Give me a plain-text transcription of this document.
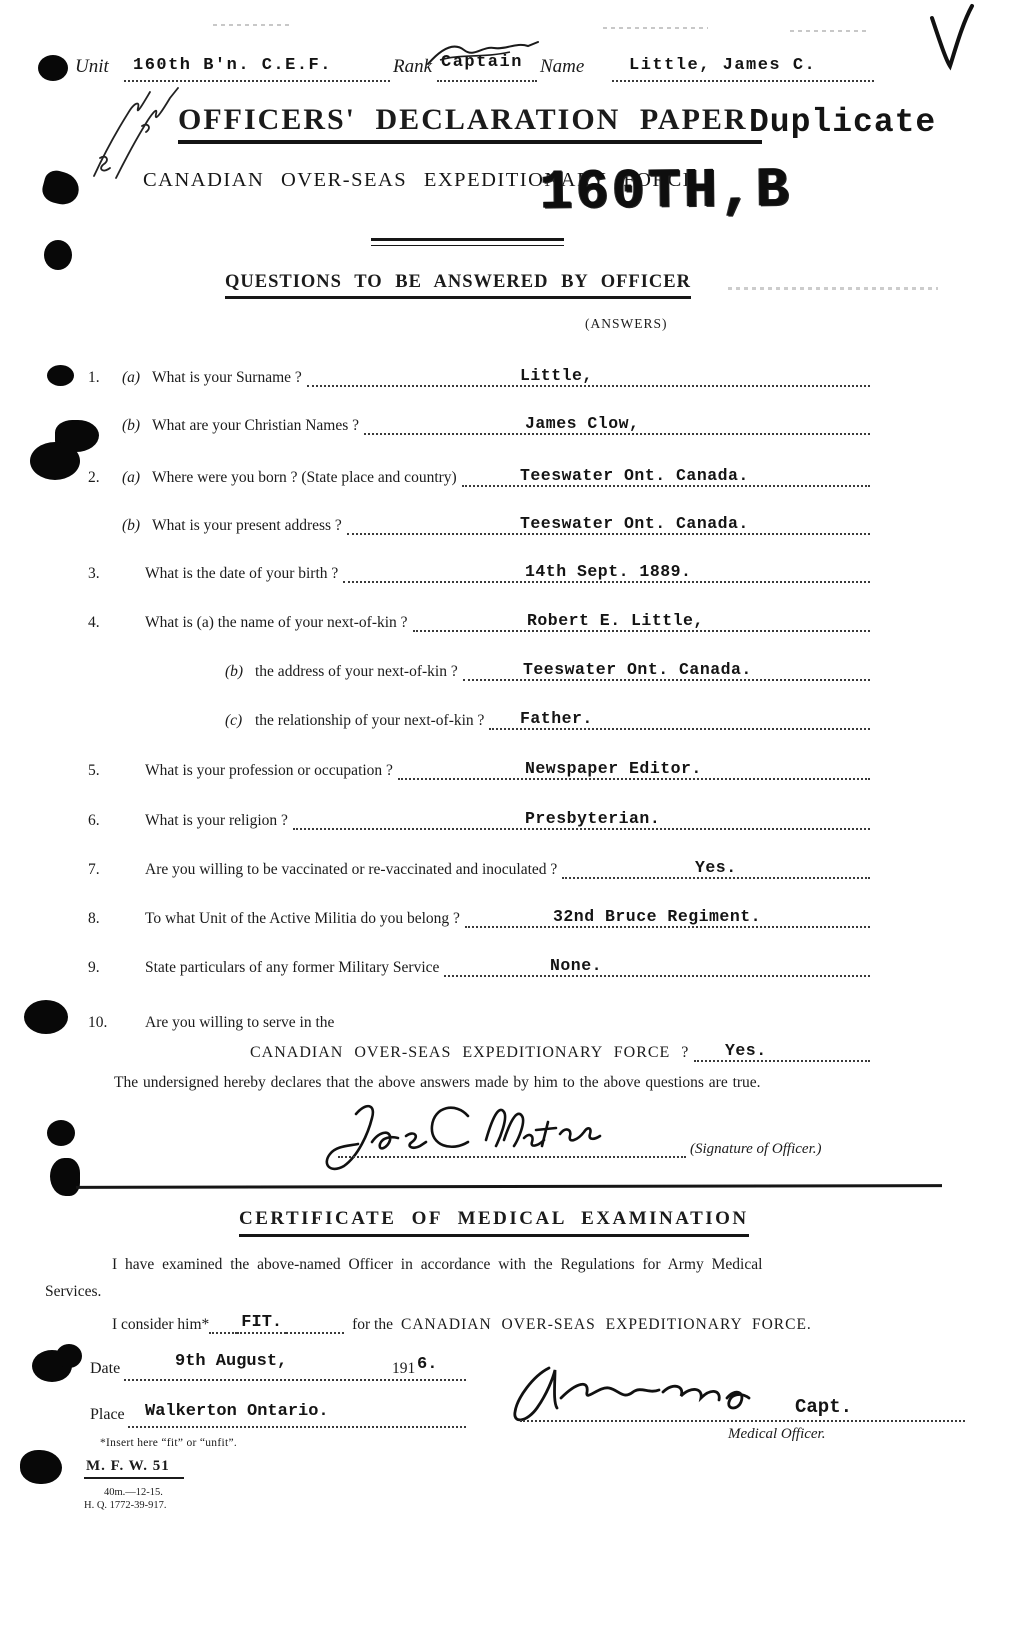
Unit 160th B'n. C.E.F.	Rank Captain Name	Little, James C.
OFFICERS' DECLARATION PAPER Duplicate
CANADIAN OVER-SEAS EXPEDITIONARY FORCE
160TH,B
QUESTIONS TO BE ANSWERED BY OFFICER
(ANSWERS)
1.	(a) What is your Surname ?	Little,
(b) What are your Christian Names ?	James Clow,
2.	(a) Where were you born ? (State place and country)	Teeswater Ont. Canada.
(b) What is your present address ?	Teeswater Ont. Canada.
3.	What is the date of your birth ?	14th Sept. 1889.
4.	What is (a) the name of your next-of-kin ?	Robert E. Little,
(b) the address of your next-of-kin ?	Teeswater Ont. Canada.
(c) the relationship of your next-of-kin ?	Father.
5.	What is your profession or occupation ?	Newspaper Editor.
6.	What is your religion ?	Presbyterian.
7.	Are you willing to be vaccinated or re-vaccinated and inoculated ?	Yes.
8.	To what Unit of the Active Militia do you belong ?	32nd Bruce Regiment.
9.	State particulars of any former Military Service	None.
10.	Are you willing to serve in the
CANADIAN OVER-SEAS EXPEDITIONARY FORCE ?	Yes.
The undersigned hereby declares that the above answers made by him to the above questions are true.
(Signature of Officer.)
CERTIFICATE OF MEDICAL EXAMINATION
I have examined the above-named Officer in accordance with the Regulations for Army Medical
Services.
I consider him* FIT.	for the CANADIAN OVER-SEAS EXPEDITIONARY FORCE.
Date	9th August,	191 6.
Place Walkerton Ontario.	Capt.
Medical Officer.
*Insert here “fit” or “unfit”.
M. F. W. 51
40m.—12-15.
H. Q. 1772-39-917.
